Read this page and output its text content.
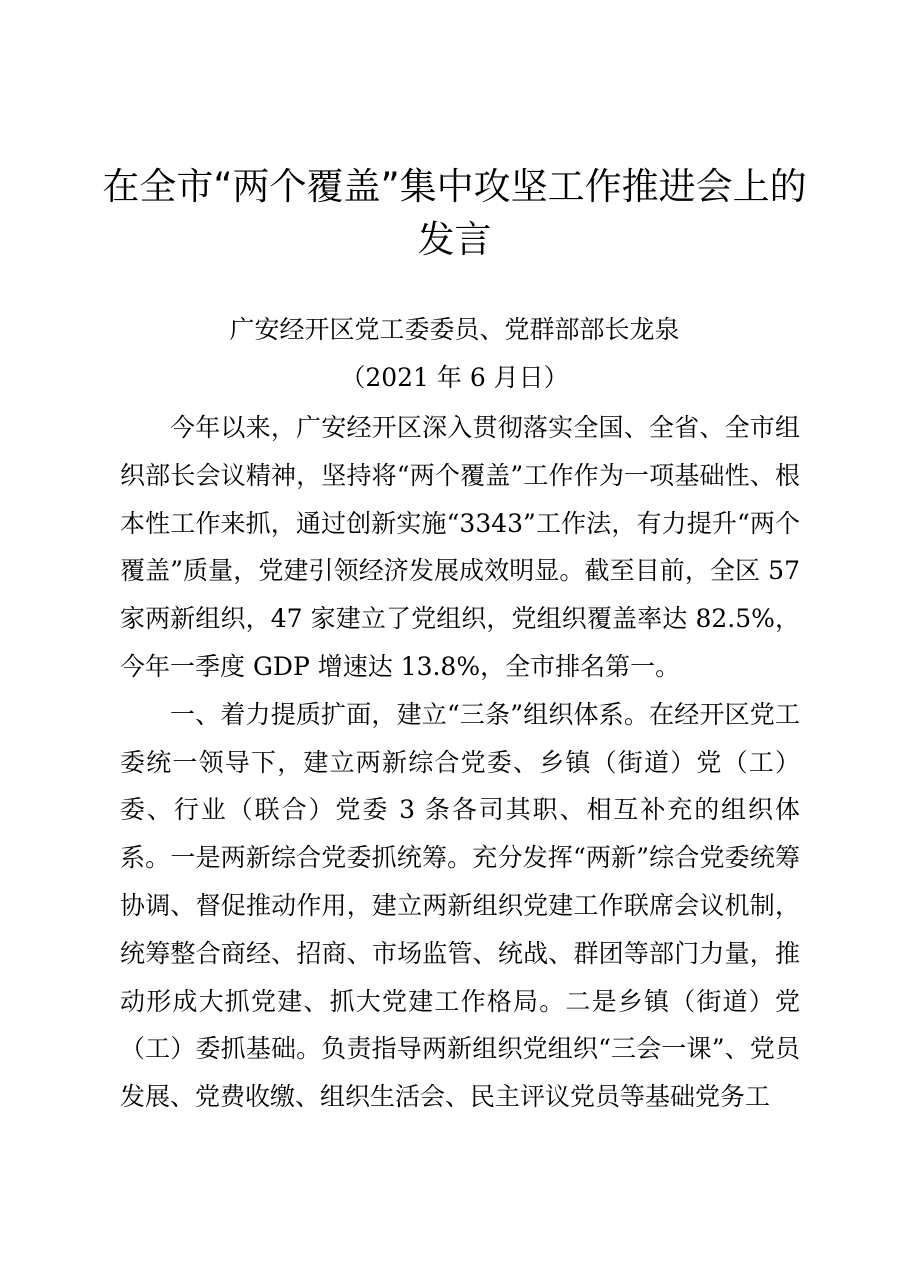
在全市“两个覆盖”集中攻坚工作推进会上的发言
广安经开区党工委委员、党群部部长龙泉
（2021 年 6 月日）

今年以来，广安经开区深入贯彻落实全国、全省、全市组织部长会议精神，坚持将“两个覆盖”工作作为一项基础性、根本性工作来抓，通过创新实施“3343”工作法，有力提升“两个覆盖”质量，党建引领经济发展成效明显。截至目前，全区 57 家两新组织，47 家建立了党组织，党组织覆盖率达 82.5%，今年一季度 GDP 增速达 13.8%，全市排名第一。

一、着力提质扩面，建立“三条”组织体系。在经开区党工委统一领导下，建立两新综合党委、乡镇（街道）党（工）委、行业（联合）党委 3 条各司其职、相互补充的组织体系。一是两新综合党委抓统筹。充分发挥“两新”综合党委统筹协调、督促推动作用，建立两新组织党建工作联席会议机制，统筹整合商经、招商、市场监管、统战、群团等部门力量，推动形成大抓党建、抓大党建工作格局。二是乡镇（街道）党（工）委抓基础。负责指导两新组织党组织“三会一课”、党员发展、党费收缴、组织生活会、民主评议党员等基础党务工
